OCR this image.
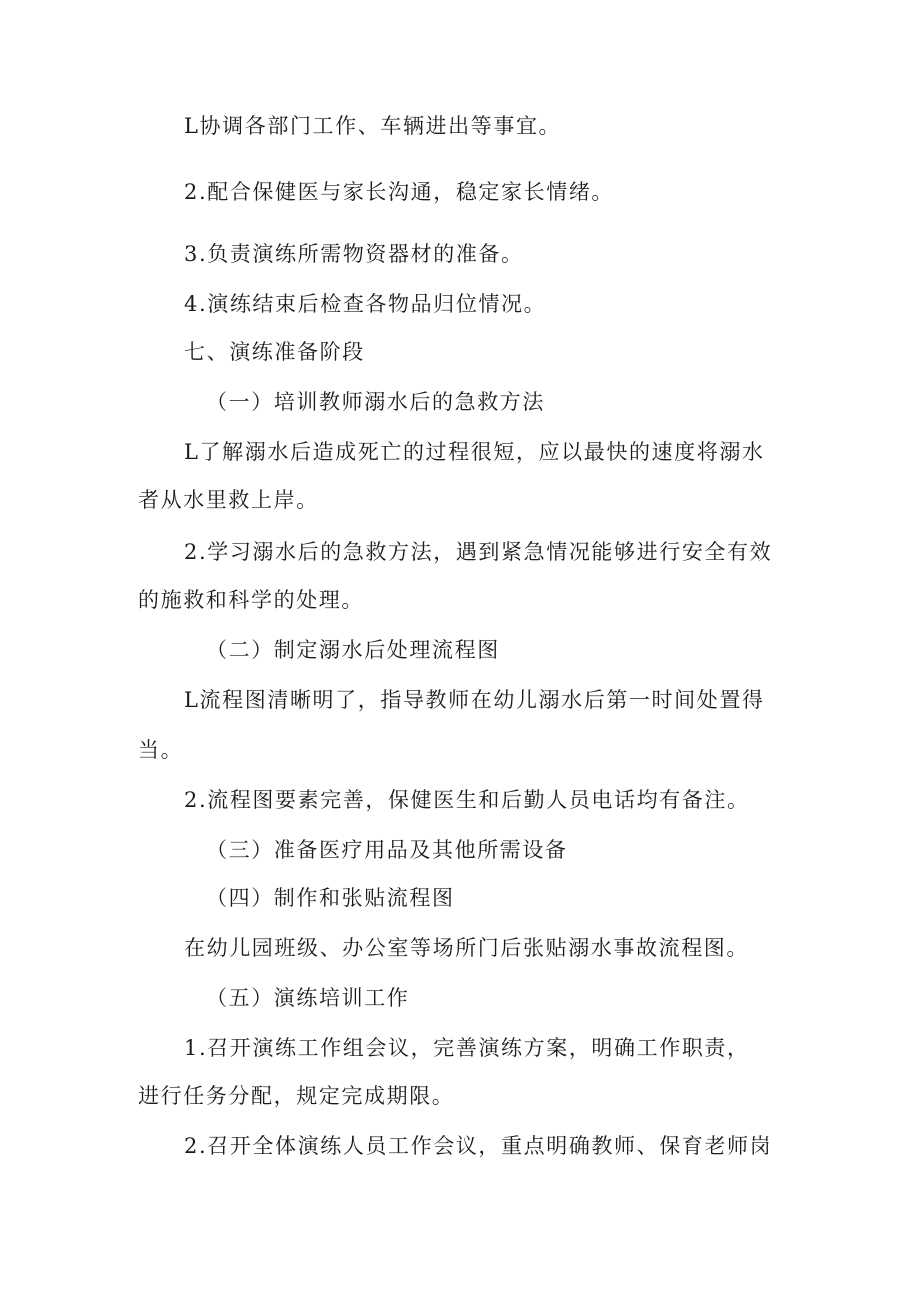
L协调各部门工作、车辆进出等事宜。
2.配合保健医与家长沟通，稳定家长情绪。
3.负责演练所需物资器材的准备。
4.演练结束后检查各物品归位情况。
七、演练准备阶段
（一）培训教师溺水后的急救方法
L了解溺水后造成死亡的过程很短，应以最快的速度将溺水
者从水里救上岸。
2.学习溺水后的急救方法，遇到紧急情况能够进行安全有效
的施救和科学的处理。
（二）制定溺水后处理流程图
L流程图清晰明了，指导教师在幼儿溺水后第一时间处置得
当。
2.流程图要素完善，保健医生和后勤人员电话均有备注。
（三）准备医疗用品及其他所需设备
（四）制作和张贴流程图
在幼儿园班级、办公室等场所门后张贴溺水事故流程图。
（五）演练培训工作
1.召开演练工作组会议，完善演练方案，明确工作职责，
进行任务分配，规定完成期限。
2.召开全体演练人员工作会议，重点明确教师、保育老师岗
